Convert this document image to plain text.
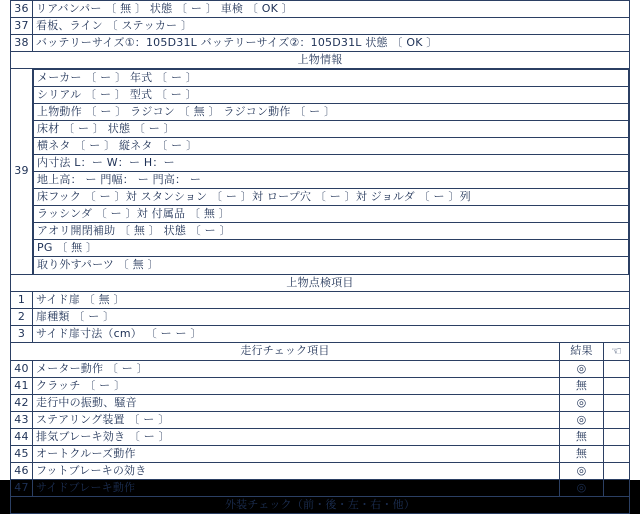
36	リアバンパー 〔 無 〕 状態 〔 ー 〕 車検 〔 OK 〕
37	看板、ライン 〔 ステッカー 〕
38	バッテリーサイズ①：105D31L バッテリーサイズ②：105D31L 状態 〔 OK 〕
上物情報
39	
メーカー 〔 ー 〕 年式 〔 ー 〕
シリアル 〔 ー 〕 型式 〔 ー 〕
上物動作 〔 ー 〕 ラジコン 〔 無 〕 ラジコン動作 〔 ー 〕
床材 〔 ー 〕 状態 〔 ー 〕
横ネタ 〔 ー 〕 縦ネタ 〔 ー 〕
内寸法 L：ー W：ー H：ー
地上高： ー 門幅： ー 門高： ー
床フック 〔 ー 〕対 スタンション 〔 ー 〕対 ロープ穴 〔 ー 〕対 ジョルダ 〔 ー 〕列
ラッシンダ 〔 ー 〕対 付属品 〔 無 〕
アオリ開閉補助 〔 無 〕 状態 〔 ー 〕
PG 〔 無 〕
取り外すパーツ 〔 無 〕

上物点検項目
1	サイド扉 〔 無 〕
2	扉種類 〔 ー 〕
3	サイド扉寸法（cm） 〔 ー ー 〕
走行チェック項目	結果	☜
40	メーター動作 〔 ー 〕	◎	
41	クラッチ 〔 ー 〕	無	
42	走行中の振動、騒音	◎	
43	ステアリング装置 〔 ー 〕	◎	
44	排気ブレーキ効き 〔 ー 〕	無	
45	オートクルーズ動作	無	
46	フットブレーキの効き	◎	
47	サイドブレーキ動作	◎	
外装チェック（前・後・左・右・他）
